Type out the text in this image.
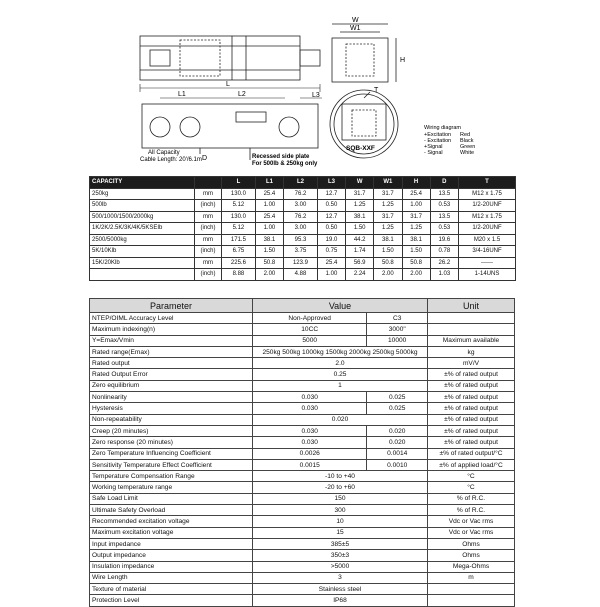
L
L1	L2	L3
All Capacity
Cable Length: 20'/6.1m D	Recessed side plate
For 500lb & 250kg only
W
W1
H
T
SQB-XXF
Wiring diagram
+Excitation Red
- Excitation Black
+Signal	Green
- Signal	White
CAPACITY		L	L1	L2	L3	W	W1	H	D	T
250kg	mm	130.0	25.4	76.2	12.7	31.7	31.7	25.4	13.5	M12 x 1.75
500lb	(inch)	5.12	1.00	3.00	0.50	1.25	1.25	1.00	0.53	1/2-20UNF
500/1000/1500/2000kg	mm	130.0	25.4	76.2	12.7	38.1	31.7	31.7	13.5	M12 x 1.75
1K/2K/2.5K/3K/4K/5KSEIb	(inch)	5.12	1.00	3.00	0.50	1.50	1.25	1.25	0.53	1/2-20UNF
2500/5000kg	mm	171.5	38.1	95.3	19.0	44.2	38.1	38.1	19.6	M20 x 1.5
5K/10Klb	(inch)	6.75	1.50	3.75	0.75	1.74	1.50	1.50	0.78	3/4-16UNF
15K/20Klb	mm	225.6	50.8	123.9	25.4	56.9	50.8	50.8	26.2	------
	(inch)	8.88	2.00	4.88	1.00	2.24	2.00	2.00	1.03	1-14UNS
Parameter	Value		Unit
NTEP/OIML Accuracy Level	Non-Approved	C3	
Maximum indexing(n)	10CC	3000"	
Y=Emax/Vmin	5000	10000	Maximum available
Rated range(Emax)	250kg 500kg 1000kg 1500kg 2000kg 2500kg 5000kg		kg
Rated output	2.0		mV/V
Rated Output Error	0.25		±% of rated output
Zero equilibrium	1		±% of rated output
Nonlinearity	0.030	0.025	±% of rated output
Hysteresis	0.030	0.025	±% of rated output
Non-repeatability	0.020		±% of rated output
Creep (20 minutes)	0.030	0.020	±% of rated output
Zero response (20 minutes)	0.030	0.020	±% of rated output
Zero Temperature Influencing Coefficient	0.0026	0.0014	±% of rated output/°C
Sensitivity Temperature Effect Coefficient	0.0015	0.0010	±% of applied load/°C
Temperature Compensation Range	-10 to +40		°C
Working temperature range	-20 to +60		°C
Safe Load Limit	150		% of R.C.
Ultimate Safety Overload	300		% of R.C.
Recommended excitation voltage	10		Vdc or Vac rms
Maximum excitation voltage	15		Vdc or Vac rms
Input impedance	385±5		Ohms
Output impedance	350±3		Ohms
Insulation impedance	>5000		Mega-Ohms
Wire Length	3		m
Texture of material	Stainless steel		
Protection Level	IP68		
